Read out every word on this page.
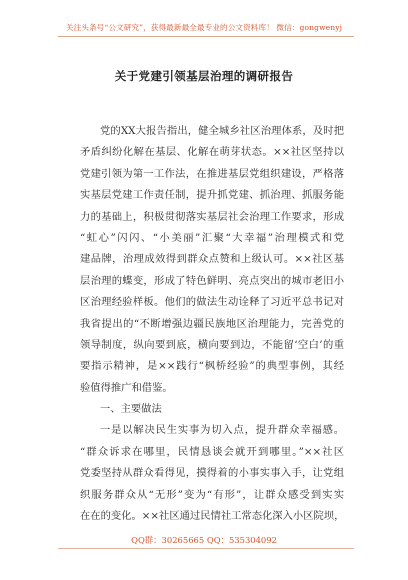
关注头条号“公文研究”，获得最新最全最专业的公文资料库！ 微信：gongwenyj
关于党建引领基层治理的调研报告
党的XX大报告指出，健全城乡社区治理体系，及时把
矛盾纠纷化解在基层、化解在萌芽状态。××社区坚持以
党建引领为第一工作法，在推进基层党组织建设，严格落
实基层党建工作责任制，提升抓党建、抓治理、抓服务能
力的基础上，积极贯彻落实基层社会治理工作要求，形成
“虹心”闪闪、“小美丽”汇聚“大幸福”治理模式和党
建品牌，治理成效得到群众点赞和上级认可。××社区基
层治理的蝶变，形成了特色鲜明、亮点突出的城市老旧小
区治理经验样板。他们的做法生动诠释了习近平总书记对
我省提出的“不断增强边疆民族地区治理能力，完善党的
领导制度，纵向要到底，横向要到边，不能留‘空白’的重
要指示精神，是××践行“枫桥经验”的典型事例，其经
验值得推广和借鉴。
一、主要做法
一是以解决民生实事为切入点，提升群众幸福感。
“群众诉求在哪里，民情恳谈会就开到哪里。”××社区
党委坚持从群众看得见，摸得着的小事实事入手，让党组
织服务群众从“无形”变为“有形”，让群众感受到实实
在在的变化。××社区通过民情社工常态化深入小区院坝，
QQ群：30265665 QQ：535304092
